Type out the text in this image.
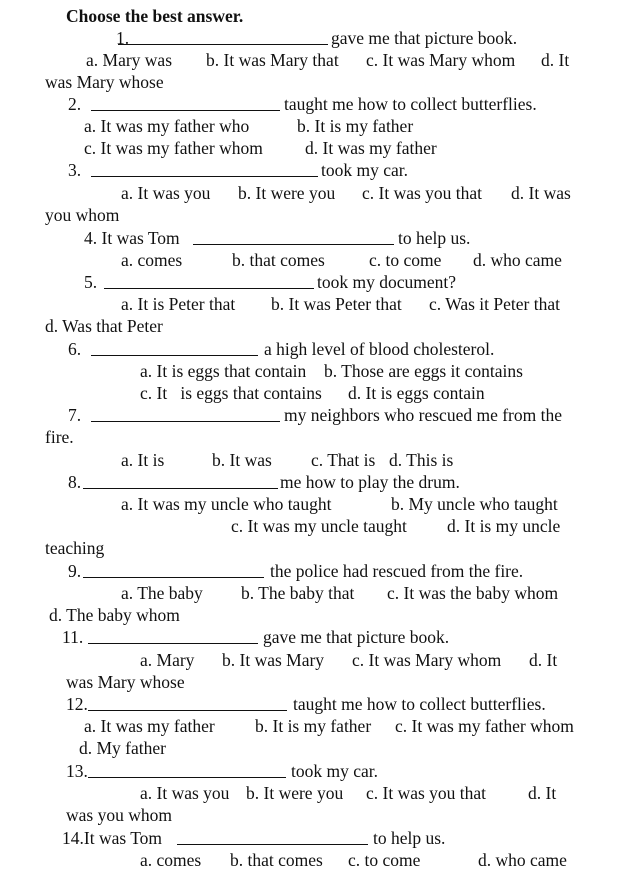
Choose the best answer.
1.	gave me that picture book.
a. Mary was b. It was Mary that c. It was Mary whom d. It
was Mary whose
2.	taught me how to collect butterflies.
a. It was my father who	b. It is my father
c. It was my father whom d. It was my father
3.	took my car.
a. It was you b. It were you c. It was you that d. It was
you whom
4. It was Tom	to help us.
a. comes	b. that comes	c. to come d. who came
5.	took my document?
a. It is Peter that b. It was Peter that c. Was it Peter that
d. Was that Peter
6.	a high level of blood cholesterol.
a. It is eggs that contain b. Those are eggs it contains
c. It   is eggs that contains d. It is eggs contain
7.	my neighbors who rescued me from the
fire.
a. It is	b. It was c. That is d. This is
8.	me how to play the drum.
a. It was my uncle who taught	b. My uncle who taught
c. It was my uncle taught d. It is my uncle
teaching
9.	the police had rescued from the fire.
a. The baby b. The baby that c. It was the baby whom
d. The baby whom
11.	gave me that picture book.
a. Mary b. It was Mary c. It was Mary whom d. It
was Mary whose
12.	taught me how to collect butterflies.
a. It was my father b. It is my father c. It was my father whom
d. My father
13.	took my car.
a. It was you b. It were you c. It was you that d. It
was you whom
14.It was Tom	to help us.
a. comes b. that comes c. to come	d. who came
